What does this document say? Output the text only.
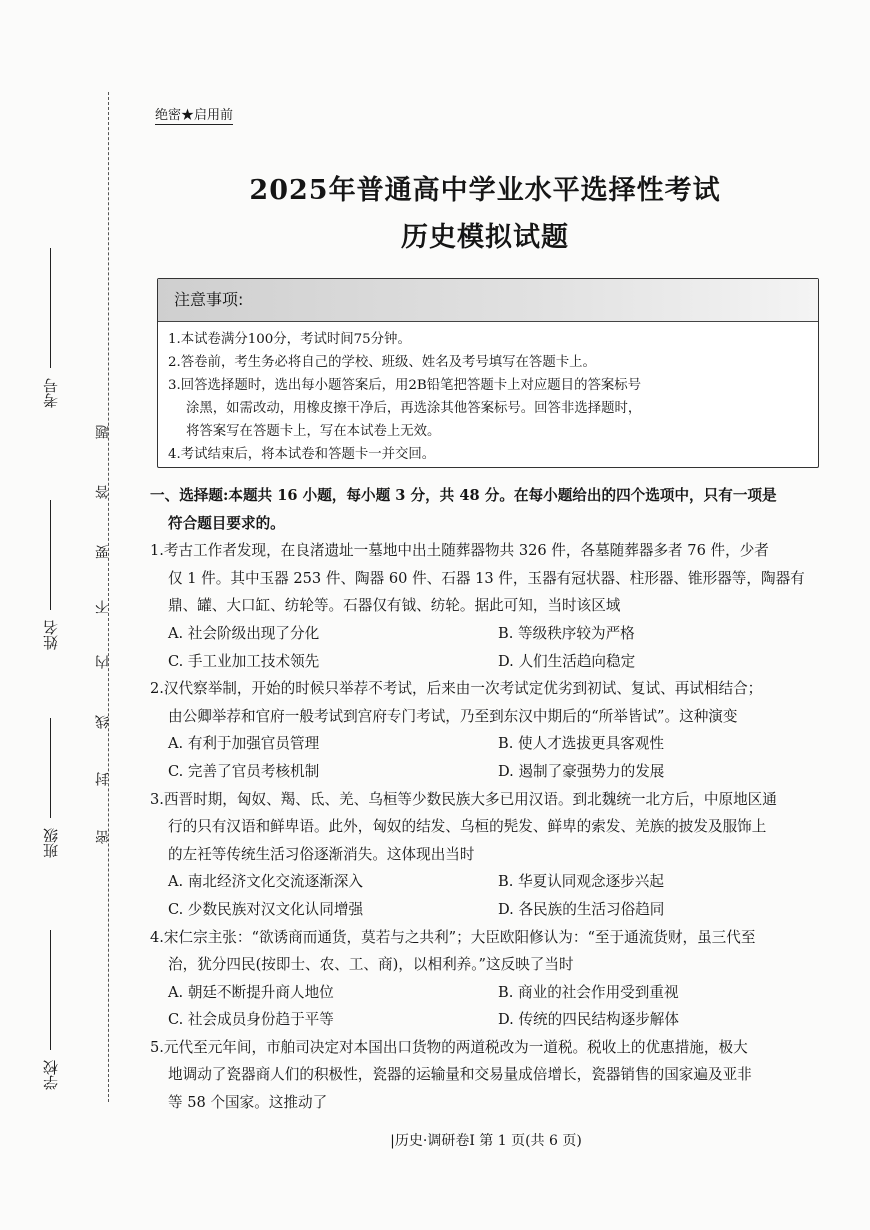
考号
姓名
班级
学校
题
答
要
不
内
线
封
密
绝密★启用前
2025年普通高中学业水平选择性考试
历史模拟试题
注意事项:
1.本试卷满分100分，考试时间75分钟。
2.答卷前，考生务必将自己的学校、班级、姓名及考号填写在答题卡上。
3.回答选择题时，选出每小题答案后，用2B铅笔把答题卡上对应题目的答案标号
涂黑，如需改动，用橡皮擦干净后，再选涂其他答案标号。回答非选择题时，
将答案写在答题卡上，写在本试卷上无效。
4.考试结束后，将本试卷和答题卡一并交回。
一、选择题:本题共 16 小题，每小题 3 分，共 48 分。在每小题给出的四个选项中，只有一项是
符合题目要求的。
1.考古工作者发现，在良渚遗址一墓地中出土随葬器物共 326 件，各墓随葬器多者 76 件，少者
仅 1 件。其中玉器 253 件、陶器 60 件、石器 13 件，玉器有冠状器、柱形器、锥形器等，陶器有
鼎、罐、大口缸、纺轮等。石器仅有钺、纺轮。据此可知，当时该区域
A. 社会阶级出现了分化	B. 等级秩序较为严格
C. 手工业加工技术领先	D. 人们生活趋向稳定
2.汉代察举制，开始的时候只举荐不考试，后来由一次考试定优劣到初试、复试、再试相结合；
由公卿举荐和官府一般考试到宫府专门考试，乃至到东汉中期后的“所举皆试”。这种演变
A. 有利于加强官员管理	B. 使人才选拔更具客观性
C. 完善了官员考核机制	D. 遏制了豪强势力的发展
3.西晋时期，匈奴、羯、氐、羌、乌桓等少数民族大多已用汉语。到北魏统一北方后，中原地区通
行的只有汉语和鲜卑语。此外，匈奴的结发、乌桓的髡发、鲜卑的索发、羌族的披发及服饰上
的左衽等传统生活习俗逐渐消失。这体现出当时
A. 南北经济文化交流逐渐深入	B. 华夏认同观念逐步兴起
C. 少数民族对汉文化认同增强	D. 各民族的生活习俗趋同
4.宋仁宗主张：“欲诱商而通货，莫若与之共利”；大臣欧阳修认为：“至于通流货财，虽三代至
治，犹分四民(按即士、农、工、商)，以相利养。”这反映了当时
A. 朝廷不断提升商人地位	B. 商业的社会作用受到重视
C. 社会成员身份趋于平等	D. 传统的四民结构逐步解体
5.元代至元年间，市舶司决定对本国出口货物的两道税改为一道税。税收上的优惠措施，极大
地调动了瓷器商人们的积极性，瓷器的运输量和交易量成倍增长，瓷器销售的国家遍及亚非
等 58 个国家。这推动了
|历史·调研卷Ⅰ 第 1 页(共 6 页)
